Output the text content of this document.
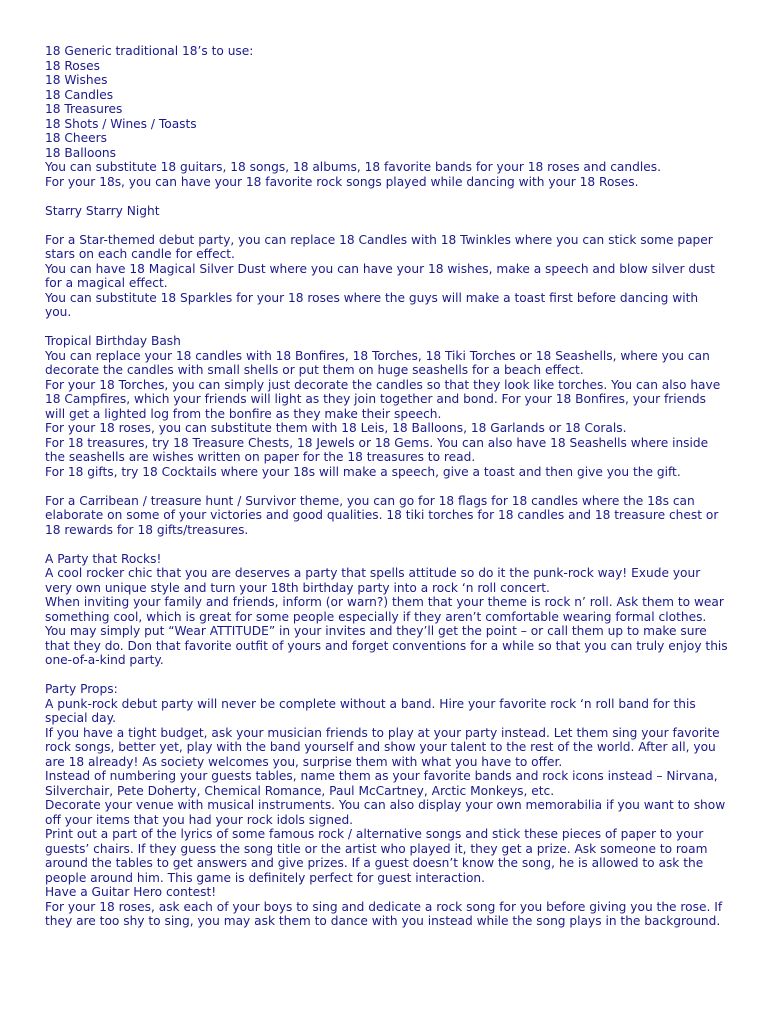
18 Generic traditional 18’s to use:
18 Roses
18 Wishes
18 Candles
18 Treasures
18 Shots / Wines / Toasts
18 Cheers
18 Balloons
You can substitute 18 guitars, 18 songs, 18 albums, 18 favorite bands for your 18 roses and candles.
For your 18s, you can have your 18 favorite rock songs played while dancing with your 18 Roses.
Starry Starry Night
For a Star-themed debut party, you can replace 18 Candles with 18 Twinkles where you can stick some paper stars on each candle for effect.
You can have 18 Magical Silver Dust where you can have your 18 wishes, make a speech and blow silver dust for a magical effect.
You can substitute 18 Sparkles for your 18 roses where the guys will make a toast first before dancing with you.
Tropical Birthday Bash
You can replace your 18 candles with 18 Bonfires, 18 Torches, 18 Tiki Torches or 18 Seashells, where you can decorate the candles with small shells or put them on huge seashells for a beach effect.
For your 18 Torches, you can simply just decorate the candles so that they look like torches. You can also have 18 Campfires, which your friends will light as they join together and bond. For your 18 Bonfires, your friends will get a lighted log from the bonfire as they make their speech.
For your 18 roses, you can substitute them with 18 Leis, 18 Balloons, 18 Garlands or 18 Corals.
For 18 treasures, try 18 Treasure Chests, 18 Jewels or 18 Gems. You can also have 18 Seashells where inside the seashells are wishes written on paper for the 18 treasures to read.
For 18 gifts, try 18 Cocktails where your 18s will make a speech, give a toast and then give you the gift.
For a Carribean / treasure hunt / Survivor theme, you can go for 18 flags for 18 candles where the 18s can elaborate on some of your victories and good qualities. 18 tiki torches for 18 candles and 18 treasure chest or 18 rewards for 18 gifts/treasures.
A Party that Rocks!
A cool rocker chic that you are deserves a party that spells attitude so do it the punk-rock way! Exude your very own unique style and turn your 18th birthday party into a rock ‘n roll concert.
When inviting your family and friends, inform (or warn?) them that your theme is rock n’ roll. Ask them to wear something cool, which is great for some people especially if they aren’t comfortable wearing formal clothes. You may simply put “Wear ATTITUDE” in your invites and they’ll get the point – or call them up to make sure that they do. Don that favorite outfit of yours and forget conventions for a while so that you can truly enjoy this one-of-a-kind party.
Party Props:
A punk-rock debut party will never be complete without a band. Hire your favorite rock ‘n roll band for this special day.
If you have a tight budget, ask your musician friends to play at your party instead. Let them sing your favorite rock songs, better yet, play with the band yourself and show your talent to the rest of the world. After all, you are 18 already! As society welcomes you, surprise them with what you have to offer.
Instead of numbering your guests tables, name them as your favorite bands and rock icons instead – Nirvana, Silverchair, Pete Doherty, Chemical Romance, Paul McCartney, Arctic Monkeys, etc.
Decorate your venue with musical instruments. You can also display your own memorabilia if you want to show off your items that you had your rock idols signed.
Print out a part of the lyrics of some famous rock / alternative songs and stick these pieces of paper to your guests’ chairs. If they guess the song title or the artist who played it, they get a prize. Ask someone to roam around the tables to get answers and give prizes. If a guest doesn’t know the song, he is allowed to ask the people around him. This game is definitely perfect for guest interaction.
Have a Guitar Hero contest!
For your 18 roses, ask each of your boys to sing and dedicate a rock song for you before giving you the rose. If they are too shy to sing, you may ask them to dance with you instead while the song plays in the background.
